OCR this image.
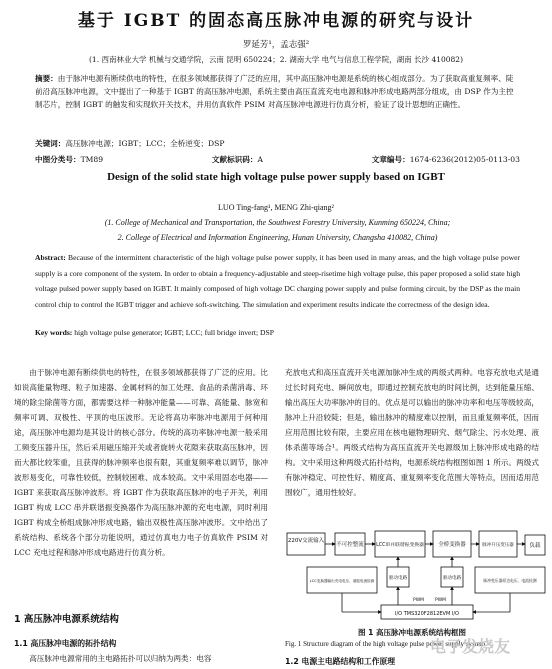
基于 IGBT 的固态高压脉冲电源的研究与设计
罗延芳¹，孟志强²
(1. 西南林业大学 机械与交通学院，云南 昆明 650224；2. 湖南大学 电气与信息工程学院，湖南 长沙 410082)
摘要：由于脉冲电源有断续供电的特性，在很多领域都获得了广泛的应用，其中高压脉冲电源是系统的核心组成部分。为了获取高重复频率、陡前沿高压脉冲电源，文中提出了一种基于 IGBT 的高压脉冲电源，系统主要由高压直流充电电源和脉冲形成电路两部分组成，由 DSP 作为主控制芯片，控制 IGBT 的触发和实现软开关技术，并用仿真软件 PSIM 对高压脉冲电源进行仿真分析，验证了设计思想的正确性。
关键词：高压脉冲电源；IGBT；LCC；全桥逆变；DSP
中图分类号：TM89	文献标识码：A	文章编号：1674-6236(2012)05-0113-03
Design of the solid state high voltage pulse power supply based on IGBT
LUO Ting-fang¹, MENG Zhi-qiang²
(1. College of Mechanical and Transportation, the Southwest Forestry University, Kunming 650224, China;
2. College of Electrical and Information Engineering, Hunan University, Changsha 410082, China)
Abstract: Because of the intermittent characteristic of the high voltage pulse power supply, it has been used in many areas, and the high voltage pulse power supply is a core component of the system. In order to obtain a frequency-adjustable and steep-risetime high voltage pulse, this paper proposed a solid state high voltage pulsed power supply based on IGBT. It mainly composed of high voltage DC charging power supply and pulse forming circuit, by the DSP as the main control chip to control the IGBT trigger and achieve soft-switching. The simulation and experiment results indicate the correctness of the design idea.
Key words: high voltage pulse generator; IGBT; LCC; full bridge invert; DSP
由于脉冲电源有断续供电的特性，在很多领域都获得了广泛的应用。比如说高能量物理、粒子加速器、金属材料的加工处理、食品的杀菌消毒、环境的除尘除菌等方面，都需要这样一种脉冲能量——可靠、高能量、脉宽和频率可调、双极性、平顶的电压波形。无论将高功率脉冲电源用于何种用途，高压脉冲电源均是其设计的核心部分。传统的高功率脉冲电源一般采用工频变压器升压，然后采用磁压缩开关或者旋转火花隙来获取高压脉冲，因而大都比较笨重，且获得的脉冲频率也很有限，其重复频率难以调节，脉冲波形易变化，可靠性较低，控制较困难、成本较高。文中采用固态电器——IGBT 来获取高压脉冲波形。将 IGBT 作为获取高压脉冲的电子开关，利用 IGBT 构成 LCC 串并联谐振变换器作为高压脉冲源的充电电源，同时利用 IGBT 构成全桥组成脉冲形成电路，输出双极性高压脉冲波形。文中给出了系统结构、系统各个部分功能说明，通过仿真电力电子仿真软件 PSIM 对 LCC 充电过程和脉冲形成电路进行仿真分析。
1 高压脉冲电源系统结构
1.1 高压脉冲电源的拓扑结构
高压脉冲电源常用的主电路拓扑可以归纳为两类：电容
充放电式和高压直流开关电源加脉冲生成的两级式两种。电容充放电式是通过长时间充电、瞬间放电，即通过控制充放电的时间比例，达到能量压缩、输出高压大功率脉冲的目的。优点是可以输出的脉冲功率和电压等级较高，脉冲上升沿较陡；但是，输出脉冲的精度难以控制，而且重复频率低，因而应用范围比较有限，主要应用在核电磁物理研究、烟气除尘、污水处理、液体杀菌等场合¹。两级式结构为高压直流开关电源级加上脉冲形成电路的结构。文中采用这种两级式拓扑结构，电源系统结构框图如图 1 所示。两级式有脉冲稳定、可控性好、精度高、重复频率变化范围大等特点，因而适用范围较广，通用性较好。
220V交流输入
不可控整流	LCC串并联谐振变换器	全桥变换器	脉冲升压变压器	负载
驱动电路	驱动电路
LCC变换器输出充电电压、谐振电流检测	脉冲变压器原边电压、电流检测
I/O TMS320F2812EVM I/O
PWM PWM
图 1 高压脉冲电源系统结构框图
Fig. 1 Structure diagram of the high voltage pulse power supply system
1.2 电源主电路结构和工作原理
电子发烧友
